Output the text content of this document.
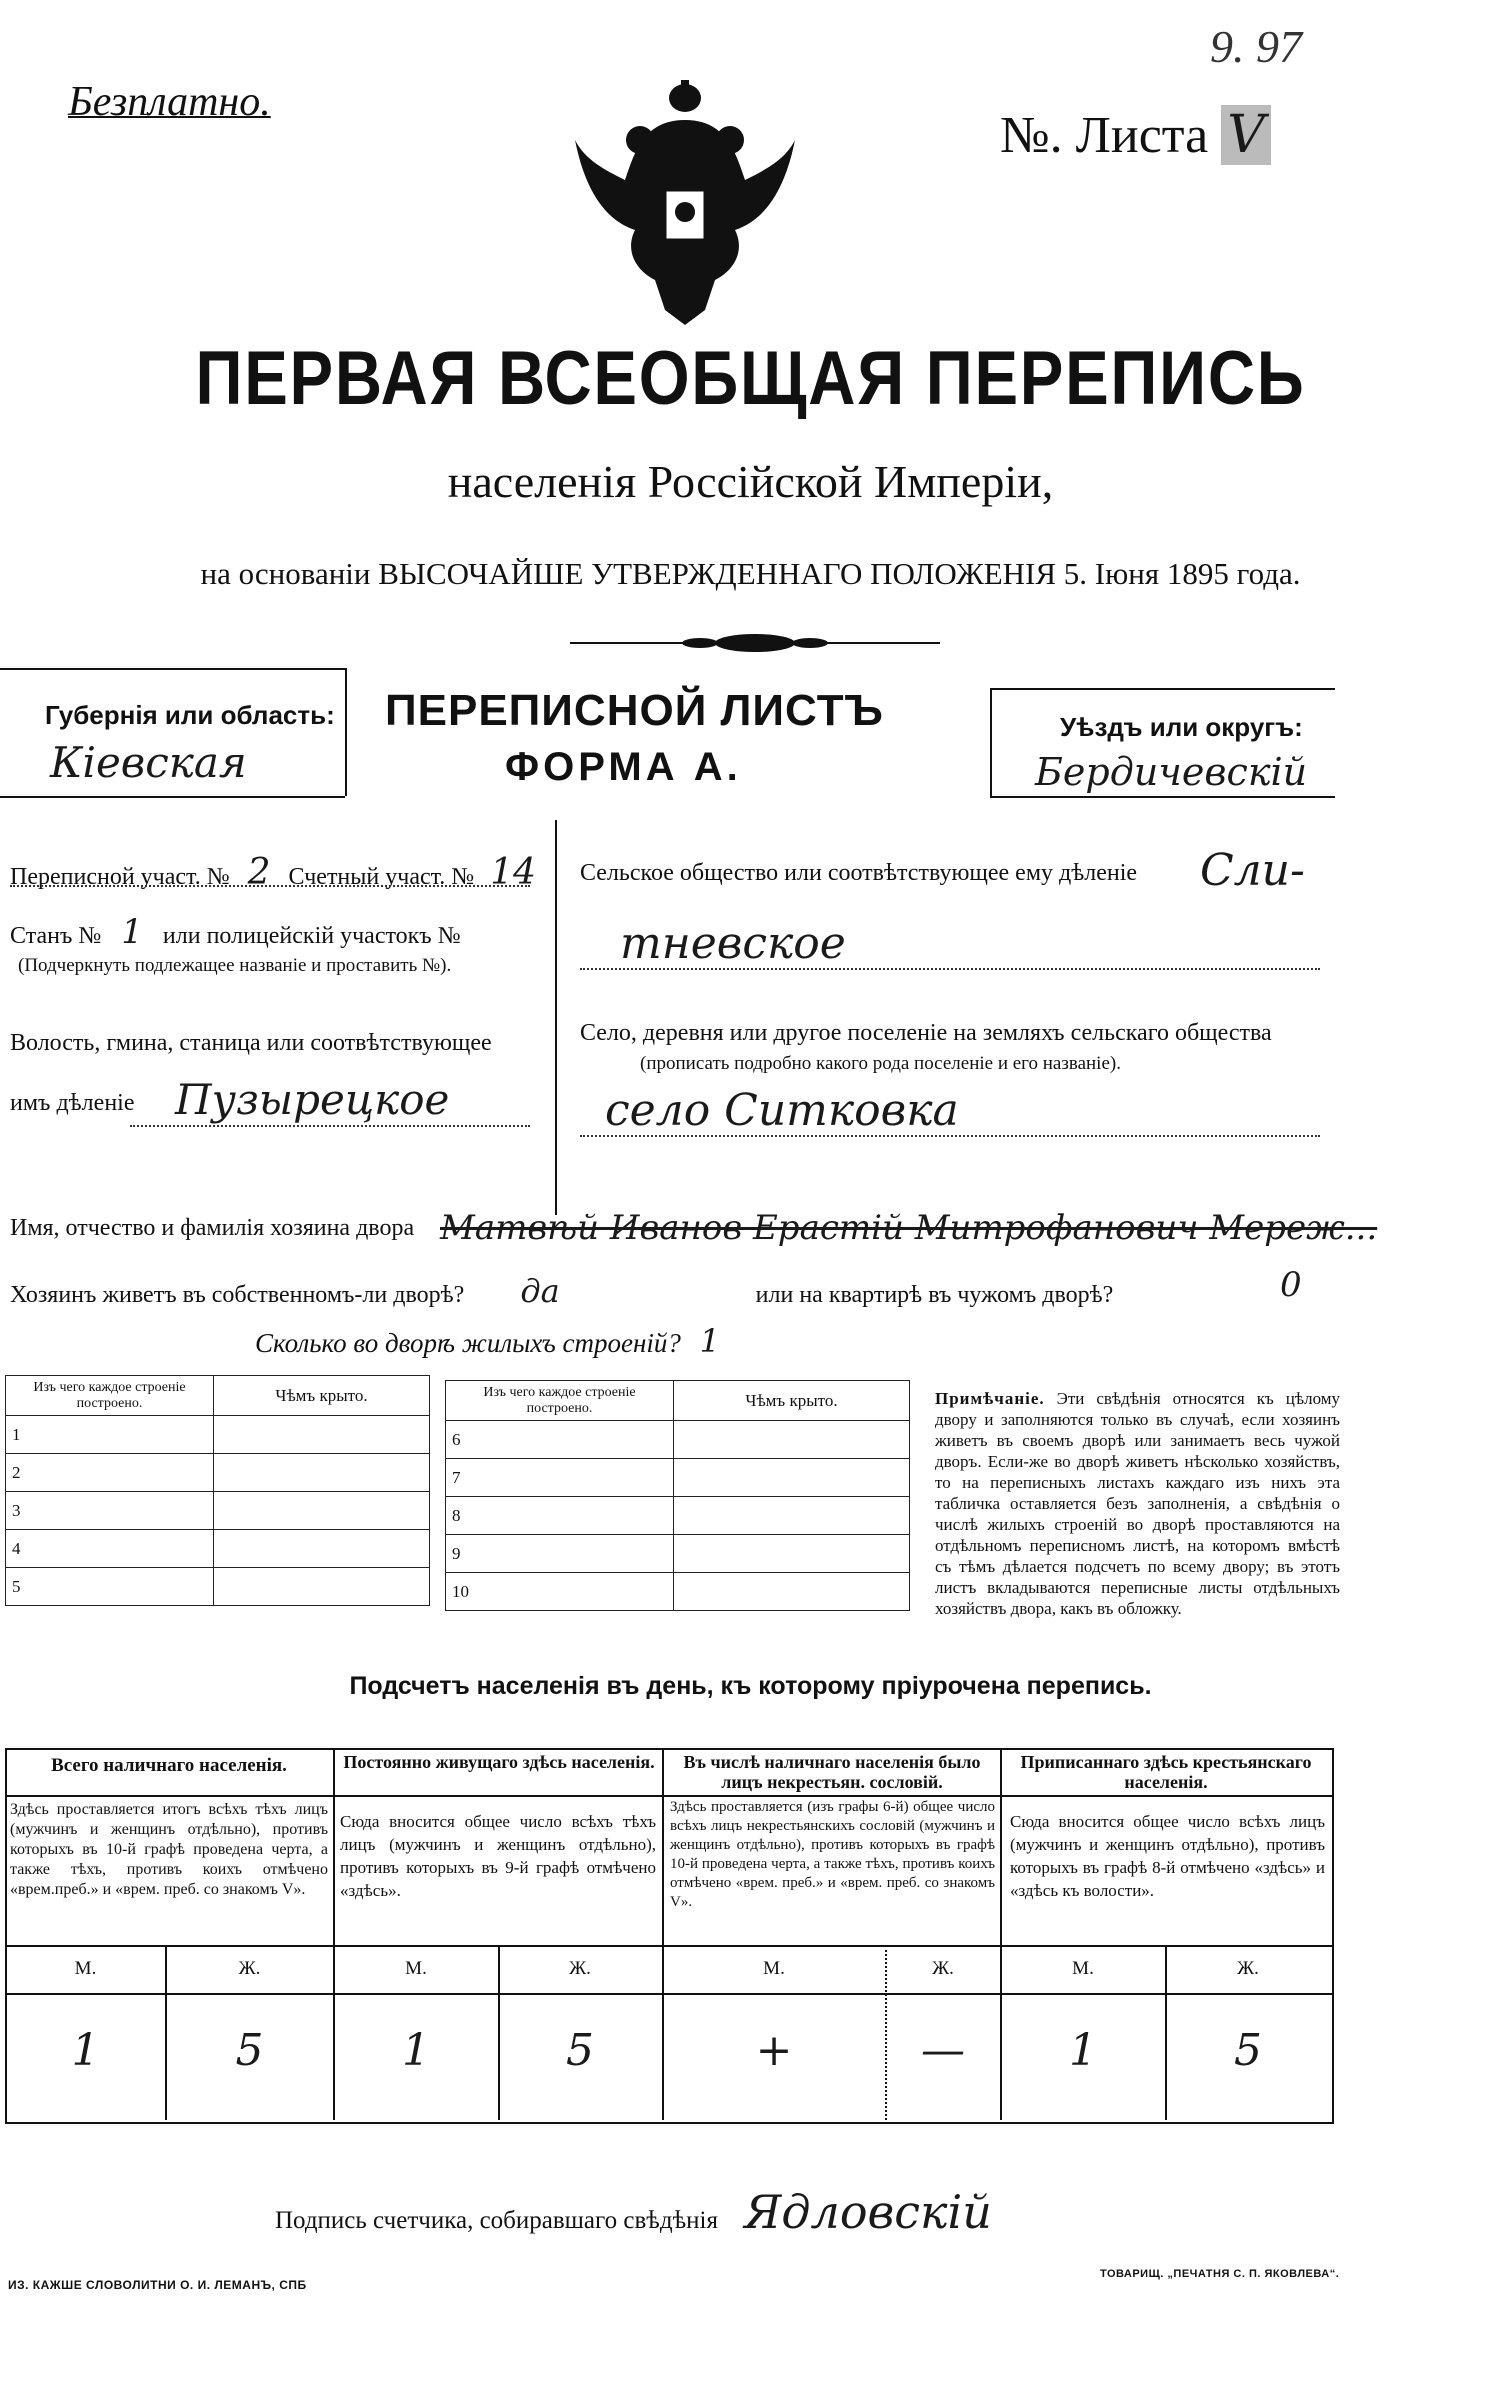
Безплатно.
9. 97
№. Листа V
ПЕРВАЯ ВСЕОБЩАЯ ПЕРЕПИСЬ
населенія Россійской Имперіи,
на основаніи ВЫСОЧАЙШЕ УТВЕРЖДЕННАГО ПОЛОЖЕНІЯ 5. Іюня 1895 года.
Губернія или область:
Кіевская
ПЕРЕПИСНОЙ ЛИСТЪ
ФОРМА А.
Уѣздъ или округъ:
Бердичевскій
Переписной участ. № 2 Счетный участ. № 14
Станъ № 1 или полицейскій участокъ №
(Подчеркнуть подлежащее названіе и проставить №).
Волость, гмина, станица или соотвѣтствующее
имъ дѣленіе Пузырецкое
Сельское общество или соотвѣтствующее ему дѣленіе Сли-
тневское
Село, деревня или другое поселеніе на земляхъ сельскаго общества
(прописать подробно какого рода поселеніе и его названіе).
село Ситковка
Имя, отчество и фамилія хозяина двора Матвѣй Иванов Ерастій Митрофанович Мереж...
Хозяинъ живетъ въ собственномъ-ли дворѣ? да	или на квартирѣ въ чужомъ дворѣ?	0
Сколько во дворѣ жилыхъ строеній? 1
Изъ чего каждое строеніе построено.	Чѣмъ крыто.
1	
2	
3	
4	
5	
Изъ чего каждое строеніе построено.	Чѣмъ крыто.
6	
7	
8	
9	
10	
Примѣчаніе. Эти свѣдѣнія относятся къ цѣлому двору и заполняются только въ случаѣ, если хозяинъ живетъ въ своемъ дворѣ или занимаетъ весь чужой дворъ. Если-же во дворѣ живетъ нѣсколько хозяйствъ, то на переписныхъ листахъ каждаго изъ нихъ эта табличка оставляется безъ заполненія, а свѣдѣнія о числѣ жилыхъ строеній во дворѣ проставляются на отдѣльномъ переписномъ листѣ, на которомъ вмѣстѣ съ тѣмъ дѣлается подсчетъ по всему двору; въ этотъ листъ вкладываются переписные листы отдѣльныхъ хозяйствъ двора, какъ въ обложку.
Подсчетъ населенія въ день, къ которому пріурочена перепись.
Всего наличнаго населенія.
Здѣсь проставляется итогъ всѣхъ тѣхъ лицъ (мужчинъ и женщинъ отдѣльно), противъ которыхъ въ 10-й графѣ проведена черта, а также тѣхъ, противъ коихъ отмѣчено «врем.преб.» и «врем. преб. со знакомъ V».
М.	Ж.
1	5
Постоянно живущаго здѣсь населенія.
Сюда вносится общее число всѣхъ тѣхъ лицъ (мужчинъ и женщинъ отдѣльно), противъ которыхъ въ 9-й графѣ отмѣчено «здѣсь».
М.	Ж.
1	5
Въ числѣ наличнаго населенія было лицъ некрестьян. сословій.
Здѣсь проставляется (изъ графы 6-й) общее число всѣхъ лицъ некрестьянскихъ сословій (мужчинъ и женщинъ отдѣльно), противъ которыхъ въ графѣ 10-й проведена черта, а также тѣхъ, противъ коихъ отмѣчено «врем. преб.» и «врем. преб. со знакомъ V».
М.	Ж.
+	—
Приписаннаго здѣсь крестьянскаго населенія.
Сюда вносится общее число всѣхъ лицъ (мужчинъ и женщинъ отдѣльно), противъ которыхъ въ графѣ 8-й отмѣчено «здѣсь» и «здѣсь къ волости».
М.	Ж.
1	5
Подпись счетчика, собиравшаго свѣдѣнія Ядловскій
ИЗ. КАЖШЕ СЛОВОЛИТНИ О. И. ЛЕМАНЪ, СПБ
ТОВАРИЩ. „ПЕЧАТНЯ С. П. ЯКОВЛЕВА“.
